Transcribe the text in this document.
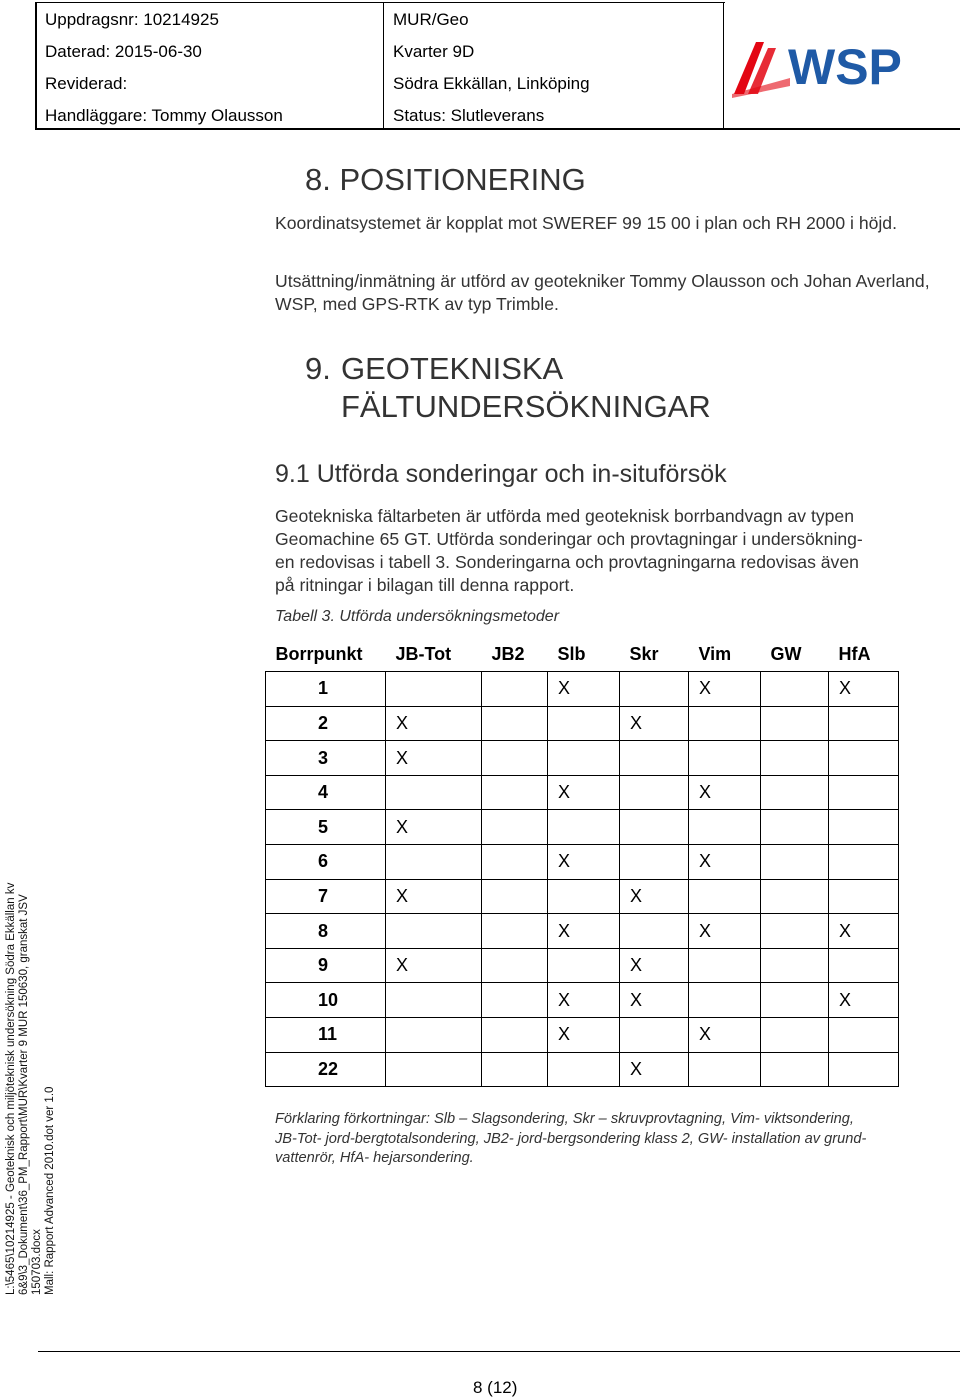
Uppdragsnr: 10214925
Daterad: 2015-06-30
Reviderad:
Handläggare: Tommy Olausson
MUR/Geo
Kvarter 9D
Södra Ekkällan, Linköping
Status: Slutleverans
WSP
8. POSITIONERING
Koordinatsystemet är kopplat mot SWEREF 99 15 00 i plan och RH 2000 i höjd.
Utsättning/inmätning är utförd av geotekniker Tommy Olausson och Johan Averland, WSP, med GPS-RTK av typ Trimble.
9. GEOTEKNISKA
FÄLTUNDERSÖKNINGAR
9.1 Utförda sonderingar och in-situförsök
Geotekniska fältarbeten är utförda med geoteknisk borrbandvagn av typen
Geomachine 65 GT. Utförda sonderingar och provtagningar i undersökning-
en redovisas i tabell 3. Sonderingarna och provtagningarna redovisas även
på ritningar i bilagan till denna rapport.
Tabell 3. Utförda undersökningsmetoder
Borrpunkt	JB-Tot	JB2	Slb	Skr	Vim	GW	HfA
1			X		X		X
2	X			X			
3	X						
4			X		X		
5	X						
6			X		X		
7	X			X			
8			X		X		X
9	X			X			
10			X	X			X
11			X		X		
22				X			
Förklaring förkortningar: Slb – Slagsondering, Skr – skruvprovtagning, Vim- viktsondering,
JB-Tot- jord-bergtotalsondering, JB2- jord-bergsondering klass 2, GW- installation av grund-
vattenrör, HfA- hejarsondering.
L:\5465\10214925 - Geoteknisk och miljöteknisk undersökning Södra Ekkällan kv 6&9\3_Dokument\36_PM_Rapport\MUR\Kvarter 9 MUR 150630, granskat JSV 150703.docx Mall: Rapport Advanced 2010.dot ver 1.0
8 (12)
